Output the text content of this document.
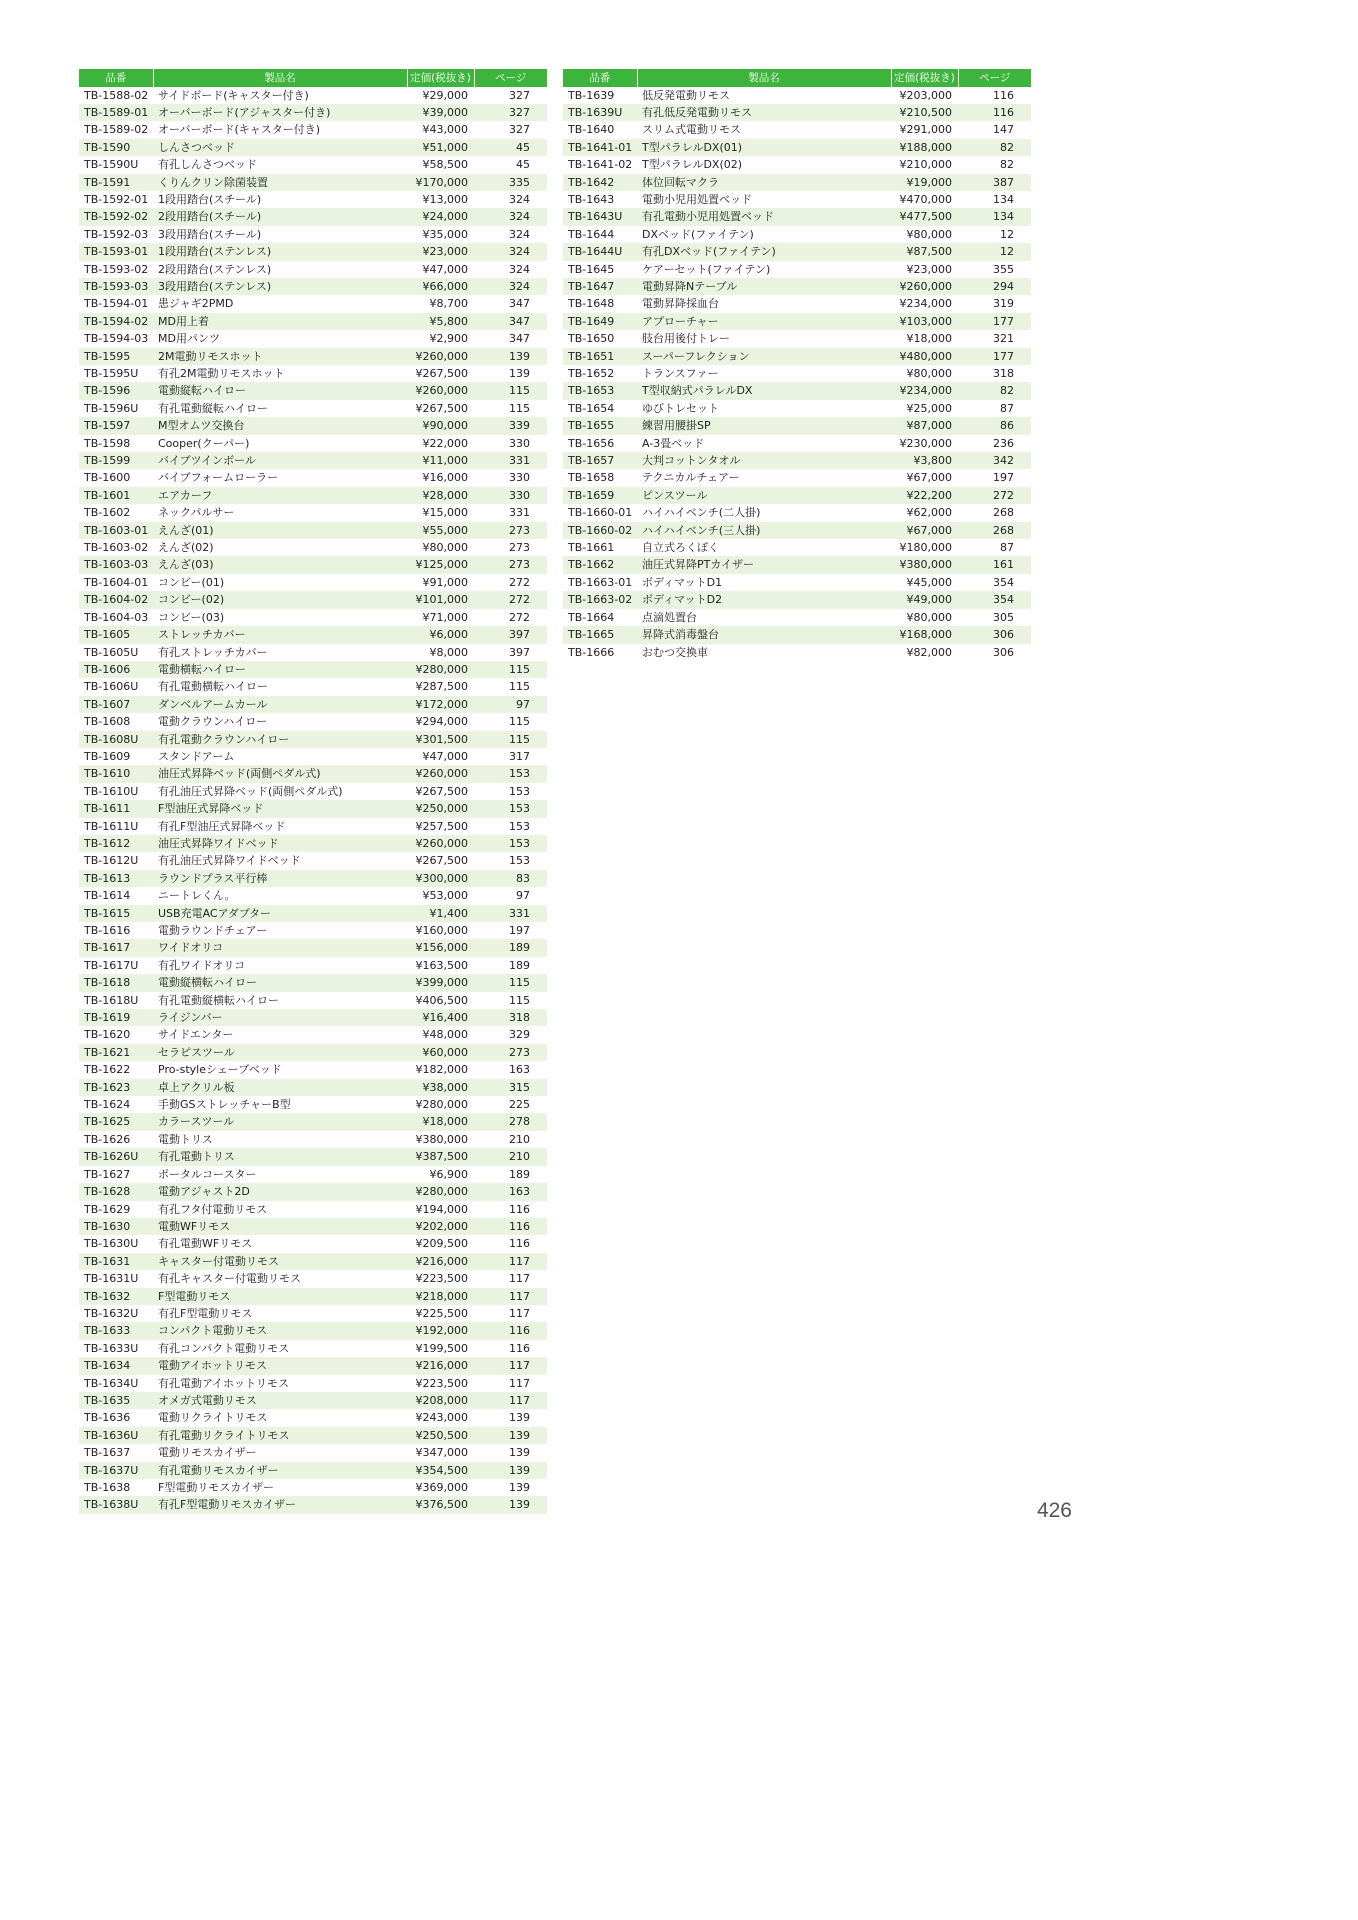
品番	製品名	定価(税抜き)	ページ
TB-1588-02	サイドボード(キャスター付き)	¥29,000	327
TB-1589-01	オーバーボード(アジャスター付き)	¥39,000	327
TB-1589-02	オーバーボード(キャスター付き)	¥43,000	327
TB-1590	しんさつベッド	¥51,000	45
TB-1590U	有孔しんさつベッド	¥58,500	45
TB-1591	くりんクリン除菌装置	¥170,000	335
TB-1592-01	1段用踏台(スチール)	¥13,000	324
TB-1592-02	2段用踏台(スチール)	¥24,000	324
TB-1592-03	3段用踏台(スチール)	¥35,000	324
TB-1593-01	1段用踏台(ステンレス)	¥23,000	324
TB-1593-02	2段用踏台(ステンレス)	¥47,000	324
TB-1593-03	3段用踏台(ステンレス)	¥66,000	324
TB-1594-01	患ジャギ2PMD	¥8,700	347
TB-1594-02	MD用上着	¥5,800	347
TB-1594-03	MD用パンツ	¥2,900	347
TB-1595	2M電動リモスホット	¥260,000	139
TB-1595U	有孔2M電動リモスホット	¥267,500	139
TB-1596	電動縦転ハイロー	¥260,000	115
TB-1596U	有孔電動縦転ハイロー	¥267,500	115
TB-1597	M型オムツ交換台	¥90,000	339
TB-1598	Cooper(クーパー)	¥22,000	330
TB-1599	バイブツインボール	¥11,000	331
TB-1600	バイブフォームローラー	¥16,000	330
TB-1601	エアカーフ	¥28,000	330
TB-1602	ネックパルサー	¥15,000	331
TB-1603-01	えんざ(01)	¥55,000	273
TB-1603-02	えんざ(02)	¥80,000	273
TB-1603-03	えんざ(03)	¥125,000	273
TB-1604-01	コンビー(01)	¥91,000	272
TB-1604-02	コンビー(02)	¥101,000	272
TB-1604-03	コンビー(03)	¥71,000	272
TB-1605	ストレッチカバー	¥6,000	397
TB-1605U	有孔ストレッチカバー	¥8,000	397
TB-1606	電動横転ハイロー	¥280,000	115
TB-1606U	有孔電動横転ハイロー	¥287,500	115
TB-1607	ダンベルアームカール	¥172,000	97
TB-1608	電動クラウンハイロー	¥294,000	115
TB-1608U	有孔電動クラウンハイロー	¥301,500	115
TB-1609	スタンドアーム	¥47,000	317
TB-1610	油圧式昇降ベッド(両側ペダル式)	¥260,000	153
TB-1610U	有孔油圧式昇降ベッド(両側ペダル式)	¥267,500	153
TB-1611	F型油圧式昇降ベッド	¥250,000	153
TB-1611U	有孔F型油圧式昇降ベッド	¥257,500	153
TB-1612	油圧式昇降ワイドベッド	¥260,000	153
TB-1612U	有孔油圧式昇降ワイドベッド	¥267,500	153
TB-1613	ラウンドプラス平行棒	¥300,000	83
TB-1614	ニートレくん。	¥53,000	97
TB-1615	USB充電ACアダプター	¥1,400	331
TB-1616	電動ラウンドチェアー	¥160,000	197
TB-1617	ワイドオリコ	¥156,000	189
TB-1617U	有孔ワイドオリコ	¥163,500	189
TB-1618	電動縦横転ハイロー	¥399,000	115
TB-1618U	有孔電動縦横転ハイロー	¥406,500	115
TB-1619	ライジンバー	¥16,400	318
TB-1620	サイドエンター	¥48,000	329
TB-1621	セラピスツール	¥60,000	273
TB-1622	Pro-styleシェーブベッド	¥182,000	163
TB-1623	卓上アクリル板	¥38,000	315
TB-1624	手動GSストレッチャーB型	¥280,000	225
TB-1625	カラースツール	¥18,000	278
TB-1626	電動トリス	¥380,000	210
TB-1626U	有孔電動トリス	¥387,500	210
TB-1627	ポータルコースター	¥6,900	189
TB-1628	電動アジャスト2D	¥280,000	163
TB-1629	有孔フタ付電動リモス	¥194,000	116
TB-1630	電動WFリモス	¥202,000	116
TB-1630U	有孔電動WFリモス	¥209,500	116
TB-1631	キャスター付電動リモス	¥216,000	117
TB-1631U	有孔キャスター付電動リモス	¥223,500	117
TB-1632	F型電動リモス	¥218,000	117
TB-1632U	有孔F型電動リモス	¥225,500	117
TB-1633	コンパクト電動リモス	¥192,000	116
TB-1633U	有孔コンパクト電動リモス	¥199,500	116
TB-1634	電動アイホットリモス	¥216,000	117
TB-1634U	有孔電動アイホットリモス	¥223,500	117
TB-1635	オメガ式電動リモス	¥208,000	117
TB-1636	電動リクライトリモス	¥243,000	139
TB-1636U	有孔電動リクライトリモス	¥250,500	139
TB-1637	電動リモスカイザー	¥347,000	139
TB-1637U	有孔電動リモスカイザー	¥354,500	139
TB-1638	F型電動リモスカイザー	¥369,000	139
TB-1638U	有孔F型電動リモスカイザー	¥376,500	139
品番	製品名	定価(税抜き)	ページ
TB-1639	低反発電動リモス	¥203,000	116
TB-1639U	有孔低反発電動リモス	¥210,500	116
TB-1640	スリム式電動リモス	¥291,000	147
TB-1641-01	T型パラレルDX(01)	¥188,000	82
TB-1641-02	T型パラレルDX(02)	¥210,000	82
TB-1642	体位回転マクラ	¥19,000	387
TB-1643	電動小児用処置ベッド	¥470,000	134
TB-1643U	有孔電動小児用処置ベッド	¥477,500	134
TB-1644	DXベッド(ファイテン)	¥80,000	12
TB-1644U	有孔DXベッド(ファイテン)	¥87,500	12
TB-1645	ケアーセット(ファイテン)	¥23,000	355
TB-1647	電動昇降Nテーブル	¥260,000	294
TB-1648	電動昇降採血台	¥234,000	319
TB-1649	アプローチャー	¥103,000	177
TB-1650	肢台用後付トレー	¥18,000	321
TB-1651	スーパーフレクション	¥480,000	177
TB-1652	トランスファー	¥80,000	318
TB-1653	T型収納式パラレルDX	¥234,000	82
TB-1654	ゆびトレセット	¥25,000	87
TB-1655	練習用腰掛SP	¥87,000	86
TB-1656	A-3畳ベッド	¥230,000	236
TB-1657	大判コットンタオル	¥3,800	342
TB-1658	テクニカルチェアー	¥67,000	197
TB-1659	ピンスツール	¥22,200	272
TB-1660-01	ハイハイベンチ(二人掛)	¥62,000	268
TB-1660-02	ハイハイベンチ(三人掛)	¥67,000	268
TB-1661	自立式ろくぼく	¥180,000	87
TB-1662	油圧式昇降PTカイザー	¥380,000	161
TB-1663-01	ボディマットD1	¥45,000	354
TB-1663-02	ボディマットD2	¥49,000	354
TB-1664	点滴処置台	¥80,000	305
TB-1665	昇降式消毒盤台	¥168,000	306
TB-1666	おむつ交換車	¥82,000	306
426
